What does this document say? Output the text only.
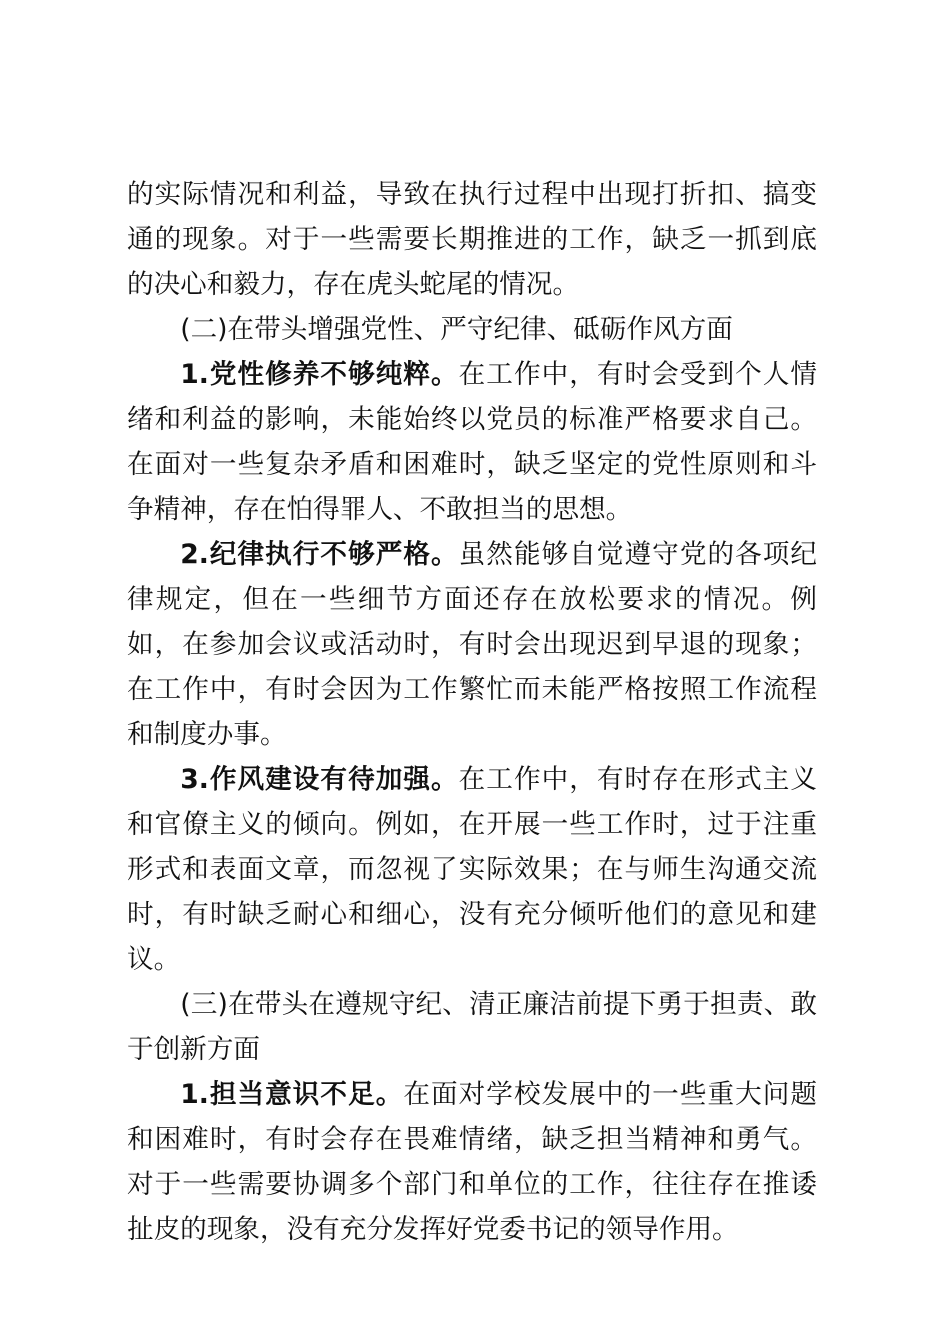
的实际情况和利益，导致在执行过程中出现打折扣、搞变通的现象。对于一些需要长期推进的工作，缺乏一抓到底的决心和毅力，存在虎头蛇尾的情况。

(二)在带头增强党性、严守纪律、砥砺作风方面

1.党性修养不够纯粹。在工作中，有时会受到个人情绪和利益的影响，未能始终以党员的标准严格要求自己。在面对一些复杂矛盾和困难时，缺乏坚定的党性原则和斗争精神，存在怕得罪人、不敢担当的思想。

2.纪律执行不够严格。虽然能够自觉遵守党的各项纪律规定，但在一些细节方面还存在放松要求的情况。例如，在参加会议或活动时，有时会出现迟到早退的现象；在工作中，有时会因为工作繁忙而未能严格按照工作流程和制度办事。

3.作风建设有待加强。在工作中，有时存在形式主义和官僚主义的倾向。例如，在开展一些工作时，过于注重形式和表面文章，而忽视了实际效果；在与师生沟通交流时，有时缺乏耐心和细心，没有充分倾听他们的意见和建议。

(三)在带头在遵规守纪、清正廉洁前提下勇于担责、敢于创新方面

1.担当意识不足。在面对学校发展中的一些重大问题和困难时，有时会存在畏难情绪，缺乏担当精神和勇气。对于一些需要协调多个部门和单位的工作，往往存在推诿扯皮的现象，没有充分发挥好党委书记的领导作用。
